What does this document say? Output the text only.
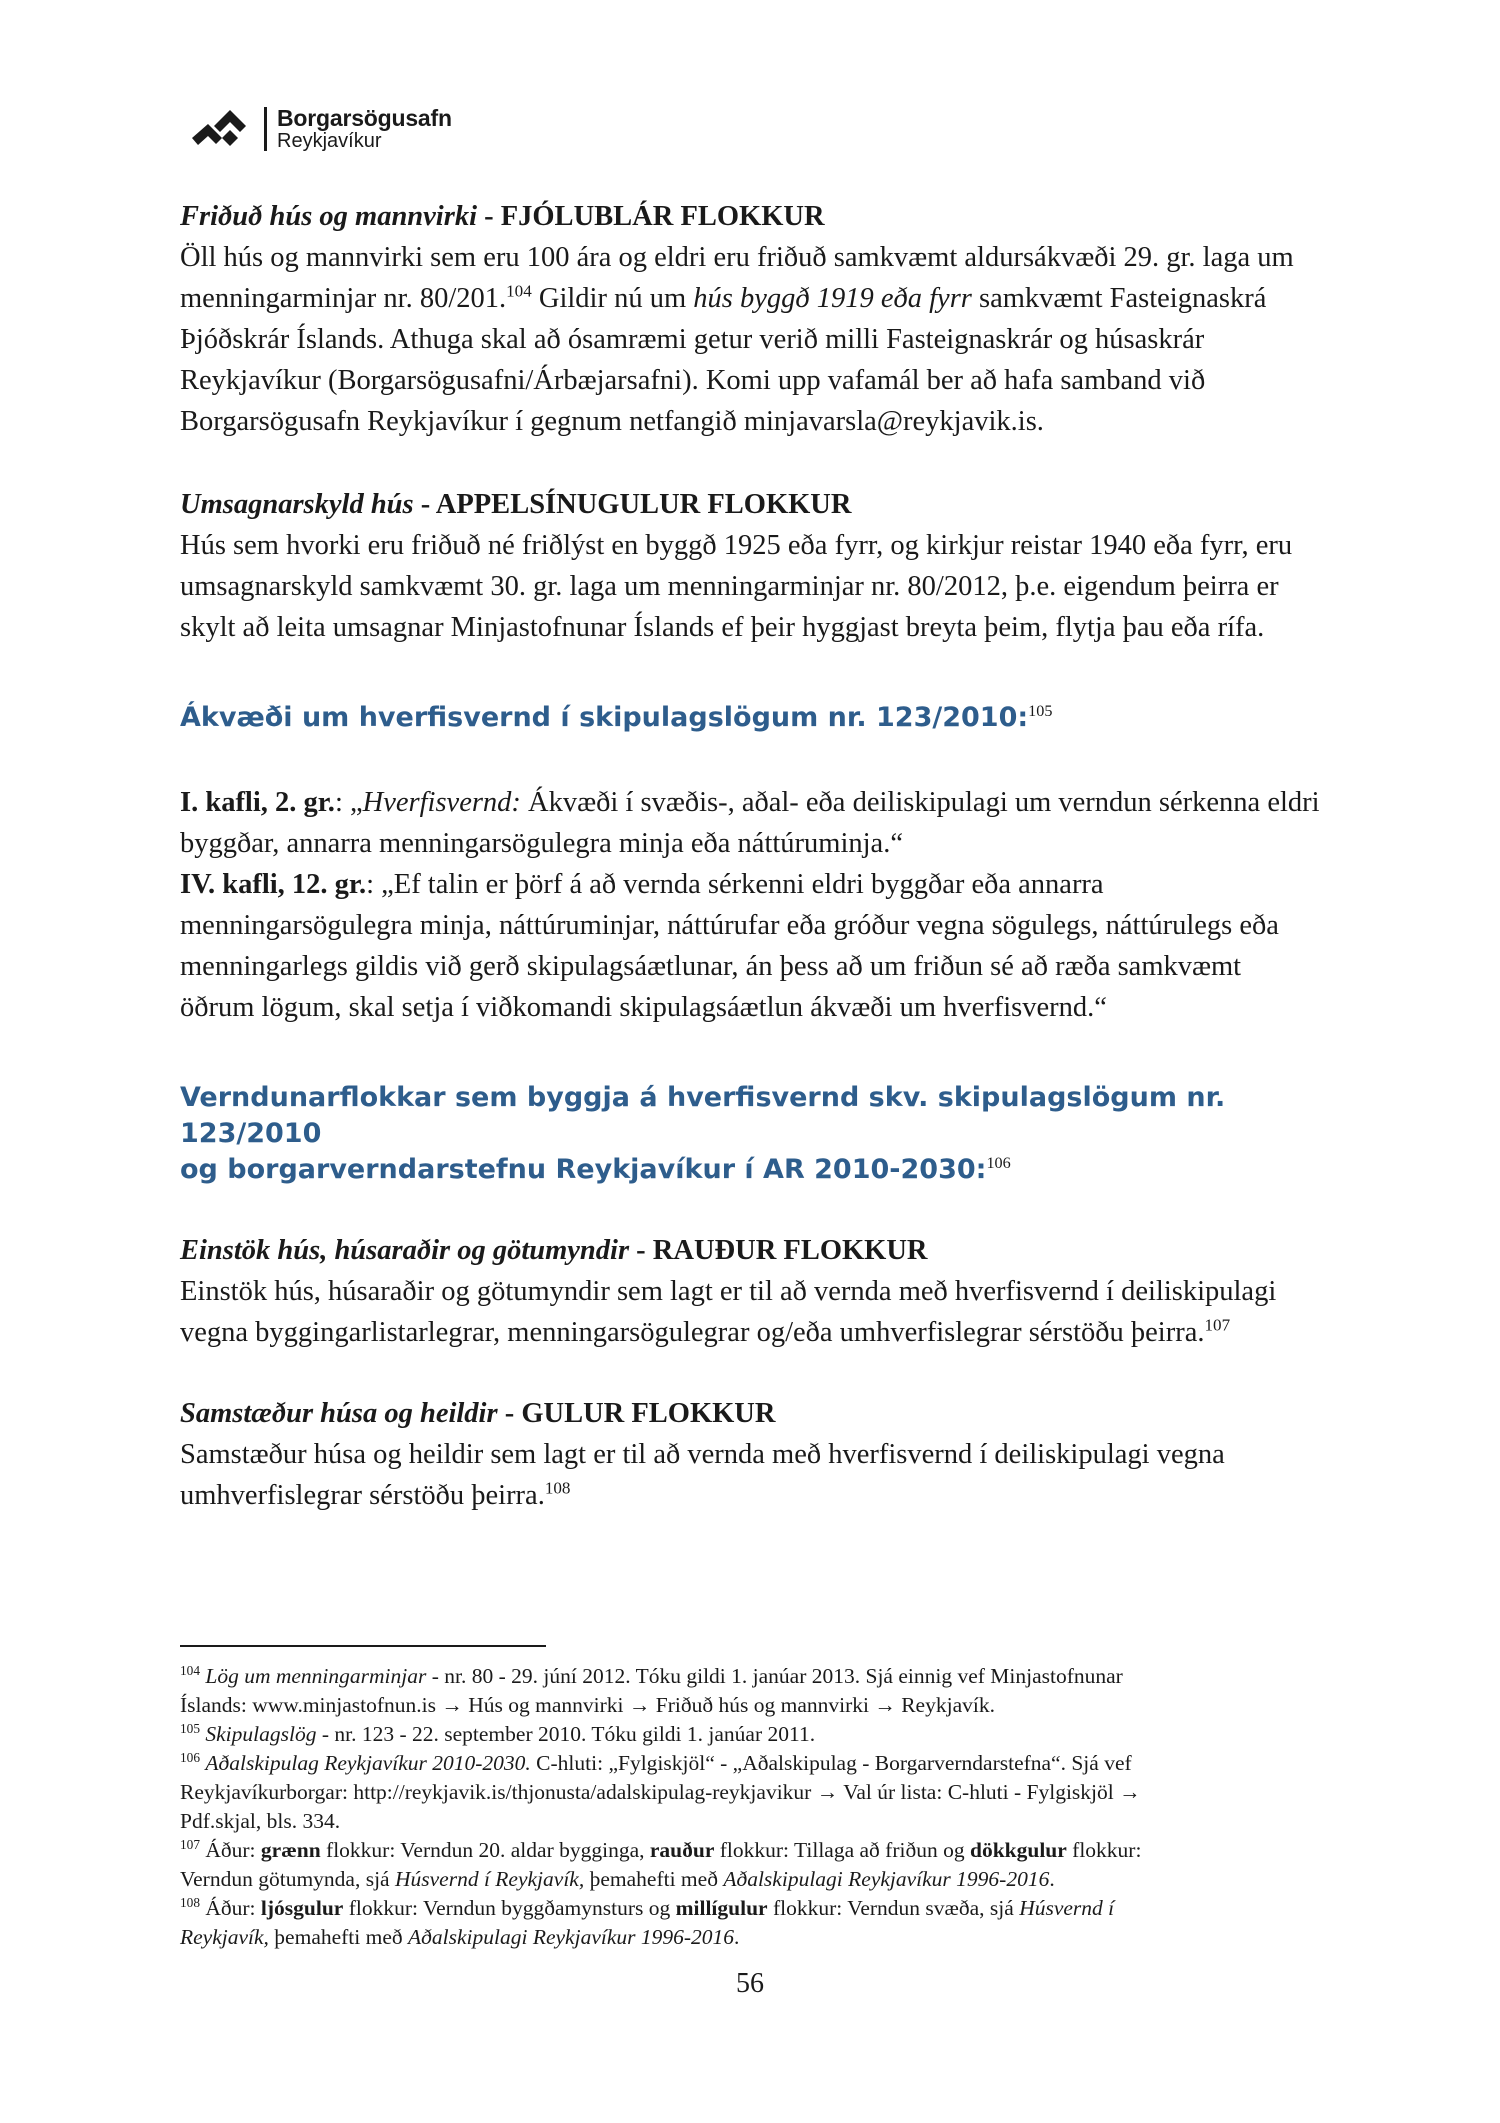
Borgarsögusafn
Reykjavíkur

Friðuð hús og mannvirki - FJÓLUBLÁR FLOKKUR

Öll hús og mannvirki sem eru 100 ára og eldri eru friðuð samkvæmt aldursákvæði 29. gr. laga um menningarminjar nr. 80/201.$^{104}$ Gildir nú um hús byggð 1919 eða fyrr samkvæmt Fasteignaskrá Þjóðskrár Íslands. Athuga skal að ósamræmi getur verið milli Fasteignaskrár og húsaskrár Reykjavíkur (Borgarsögusafni/Árbæjarsafni). Komi upp vafamál ber að hafa samband við Borgarsögusafn Reykjavíkur í gegnum netfangið minjavarsla@reykjavik.is.

Umsagnarskyld hús - APPELSÍNUGULUR FLOKKUR

Hús sem hvorki eru friðuð né friðlýst en byggð 1925 eða fyrr, og kirkjur reistar 1940 eða fyrr, eru umsagnarskyld samkvæmt 30. gr. laga um menningarminjar nr. 80/2012, þ.e. eigendum þeirra er skylt að leita umsagnar Minjastofnunar Íslands ef þeir hyggjast breyta þeim, flytja þau eða rífa.

Ákvæði um hverfisvernd í skipulagslögum nr. 123/2010:$^{105}$

I. kafli, 2. gr.: „Hverfisvernd: Ákvæði í svæðis-, aðal- eða deiliskipulagi um verndun sérkenna eldri byggðar, annarra menningarsögulegra minja eða náttúruminja.“

IV. kafli, 12. gr.: „Ef talin er þörf á að vernda sérkenni eldri byggðar eða annarra menningarsögulegra minja, náttúruminjar, náttúrufar eða gróður vegna sögulegs, náttúrulegs eða menningarlegs gildis við gerð skipulagsáætlunar, án þess að um friðun sé að ræða samkvæmt öðrum lögum, skal setja í viðkomandi skipulagsáætlun ákvæði um hverfisvernd.“

Verndunarflokkar sem byggja á hverfisvernd skv. skipulagslögum nr. 123/2010
og borgarverndarstefnu Reykjavíkur í AR 2010-2030:$^{106}$

Einstök hús, húsaraðir og götumyndir - RAUÐUR FLOKKUR

Einstök hús, húsaraðir og götumyndir sem lagt er til að vernda með hverfisvernd í deiliskipulagi vegna byggingarlistarlegrar, menningarsögulegrar og/eða umhverfislegrar sérstöðu þeirra.$^{107}$

Samstæður húsa og heildir - GULUR FLOKKUR

Samstæður húsa og heildir sem lagt er til að vernda með hverfisvernd í deiliskipulagi vegna umhverfislegrar sérstöðu þeirra.$^{108}$

$^{104}$ Lög um menningarminjar - nr. 80 - 29. júní 2012. Tóku gildi 1. janúar 2013. Sjá einnig vef Minjastofnunar
Íslands: www.minjastofnun.is → Hús og mannvirki → Friðuð hús og mannvirki → Reykjavík.

$^{105}$ Skipulagslög - nr. 123 - 22. september 2010. Tóku gildi 1. janúar 2011.

$^{106}$ Aðalskipulag Reykjavíkur 2010-2030. C-hluti: „Fylgiskjöl“ - „Aðalskipulag - Borgarverndarstefna“. Sjá vef
Reykjavíkurborgar: http://reykjavik.is/thjonusta/adalskipulag-reykjavikur → Val úr lista: C-hluti - Fylgiskjöl →
Pdf.skjal, bls. 334.

$^{107}$ Áður: grænn flokkur: Verndun 20. aldar bygginga, rauður flokkur: Tillaga að friðun og dökkgulur flokkur:
Verndun götumynda, sjá Húsvernd í Reykjavík, þemahefti með Aðalskipulagi Reykjavíkur 1996-2016.

$^{108}$ Áður: ljósgulur flokkur: Verndun byggðamynsturs og millígulur flokkur: Verndun svæða, sjá Húsvernd í
Reykjavík, þemahefti með Aðalskipulagi Reykjavíkur 1996-2016.

56
